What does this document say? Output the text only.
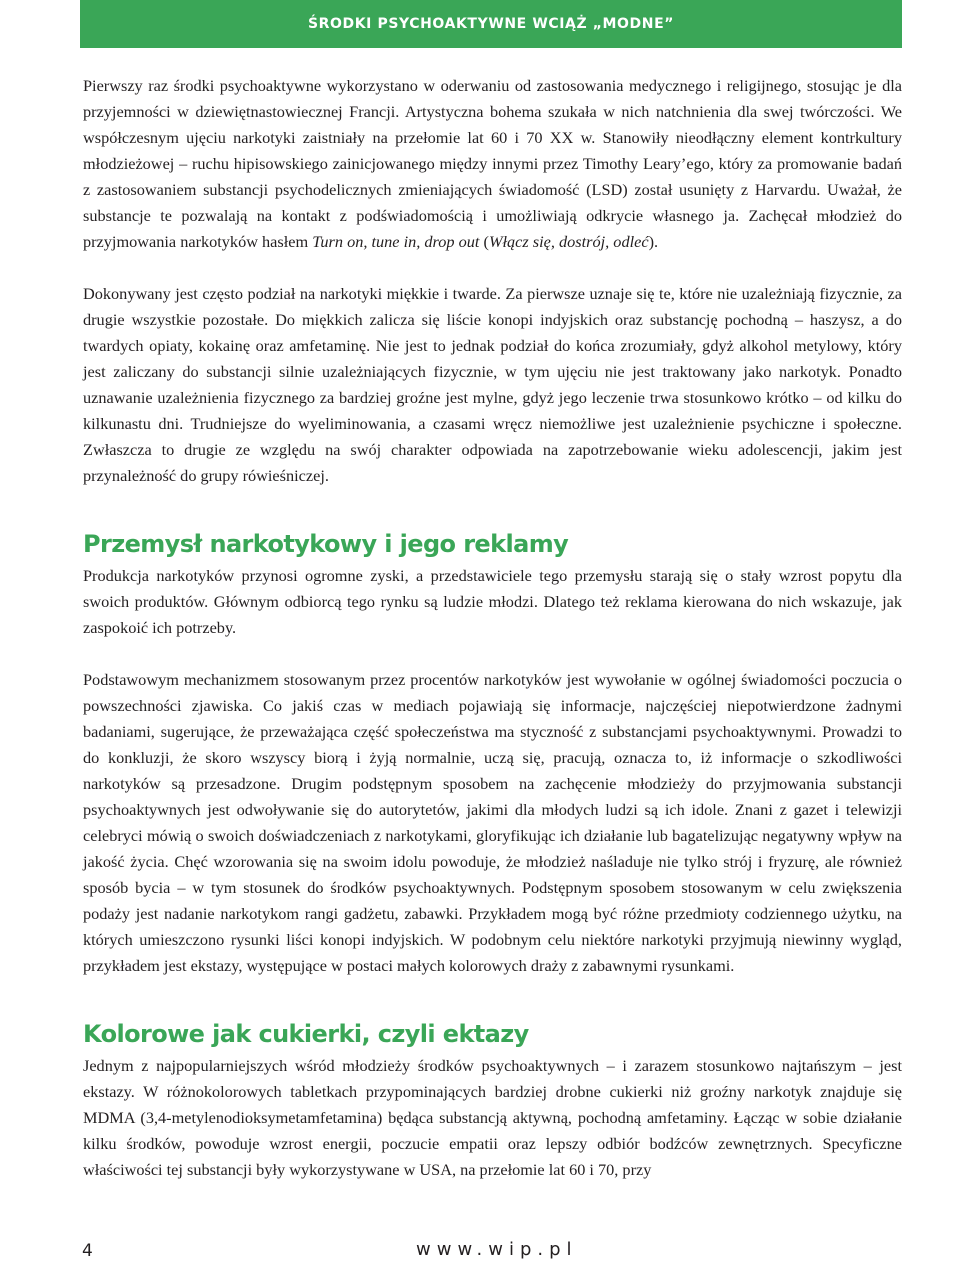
ŚRODKI PSYCHOAKTYWNE WCIĄŻ „MODNE”

Pierwszy raz środki psychoaktywne wykorzystano w oderwaniu od zastosowania medycznego i religijnego, stosując je dla przyjemności w dziewiętnastowiecznej Francji. Artystyczna bohema szukała w nich natchnienia dla swej twórczości. We współczesnym ujęciu narkotyki zaistniały na przełomie lat 60 i 70 XX w. Stanowiły nieodłączny element kontrkultury młodzieżowej – ruchu hipisowskiego zainicjowanego między innymi przez Timothy Leary’ego, który za promowanie badań z zastosowaniem substancji psychodelicznych zmieniających świadomość (LSD) został usunięty z Harvardu. Uważał, że substancje te pozwalają na kontakt z podświadomością i umożliwiają odkrycie własnego ja. Zachęcał młodzież do przyjmowania narkotyków hasłem Turn on, tune in, drop out (Włącz się, dostrój, odleć).

Dokonywany jest często podział na narkotyki miękkie i twarde. Za pierwsze uznaje się te, które nie uzależniają fizycznie, za drugie wszystkie pozostałe. Do miękkich zalicza się liście konopi indyjskich oraz substancję pochodną – haszysz, a do twardych opiaty, kokainę oraz amfetaminę. Nie jest to jednak podział do końca zrozumiały, gdyż alkohol metylowy, który jest zaliczany do substancji silnie uzależniających fizycznie, w tym ujęciu nie jest traktowany jako narkotyk. Ponadto uznawanie uzależnienia fizycznego za bardziej groźne jest mylne, gdyż jego leczenie trwa stosunkowo krótko – od kilku do kilkunastu dni. Trudniejsze do wyeliminowania, a czasami wręcz niemożliwe jest uzależnienie psychiczne i społeczne. Zwłaszcza to drugie ze względu na swój charakter odpowiada na zapotrzebowanie wieku adolescencji, jakim jest przynależność do grupy rówieśniczej.

Przemysł narkotykowy i jego reklamy

Produkcja narkotyków przynosi ogromne zyski, a przedstawiciele tego przemysłu starają się o stały wzrost popytu dla swoich produktów. Głównym odbiorcą tego rynku są ludzie młodzi. Dlatego też reklama kierowana do nich wskazuje, jak zaspokoić ich potrzeby.

Podstawowym mechanizmem stosowanym przez procentów narkotyków jest wywołanie w ogólnej świadomości poczucia o powszechności zjawiska. Co jakiś czas w mediach pojawiają się informacje, najczęściej niepotwierdzone żadnymi badaniami, sugerujące, że przeważająca część społeczeństwa ma styczność z substancjami psychoaktywnymi. Prowadzi to do konkluzji, że skoro wszyscy biorą i żyją normalnie, uczą się, pracują, oznacza to, iż informacje o szkodliwości narkotyków są przesadzone. Drugim podstępnym sposobem na zachęcenie młodzieży do przyjmowania substancji psychoaktywnych jest odwoływanie się do autorytetów, jakimi dla młodych ludzi są ich idole. Znani z gazet i telewizji celebryci mówią o swoich doświadczeniach z narkotykami, gloryfikując ich działanie lub bagatelizując negatywny wpływ na jakość życia. Chęć wzorowania się na swoim idolu powoduje, że młodzież naśladuje nie tylko strój i fryzurę, ale również sposób bycia – w tym stosunek do środków psychoaktywnych. Podstępnym sposobem stosowanym w celu zwiększenia podaży jest nadanie narkotykom rangi gadżetu, zabawki. Przykładem mogą być różne przedmioty codziennego użytku, na których umieszczono rysunki liści konopi indyjskich. W podobnym celu niektóre narkotyki przyjmują niewinny wygląd, przykładem jest ekstazy, występujące w postaci małych kolorowych draży z zabawnymi rysunkami.

Kolorowe jak cukierki, czyli ektazy

Jednym z najpopularniejszych wśród młodzieży środków psychoaktywnych – i zarazem stosunkowo najtańszym – jest ekstazy. W różnokolorowych tabletkach przypominających bardziej drobne cukierki niż groźny narkotyk znajduje się MDMA (3,4-metylenodioksymetamfetamina) będąca substancją aktywną, pochodną amfetaminy. Łącząc w sobie działanie kilku środków, powoduje wzrost energii, poczucie empatii oraz lepszy odbiór bodźców zewnętrznych. Specyficzne właściwości tej substancji były wykorzystywane w USA, na przełomie lat 60 i 70, przy

4	www.wip.pl
